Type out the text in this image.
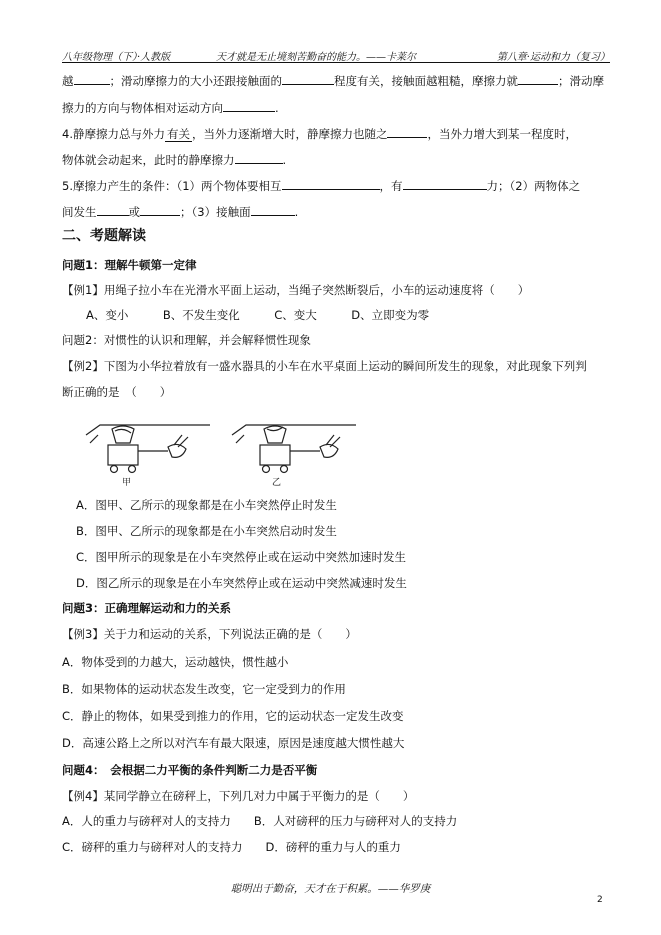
八年级物理（下）·人教版	天才就是无止境刻苦勤奋的能力。——卡莱尔	第八章·运动和力（复习）
越	；滑动摩擦力的大小还跟接触面的	程度有关，接触面越粗糙，摩擦力就	；滑动摩
擦力的方向与物体相对运动方向	.
4.静摩擦力总与外力 有关 ，当外力逐渐增大时，静摩擦力也随之	，当外力增大到某一程度时，
物体就会动起来，此时的静摩擦力	.
5.摩擦力产生的条件：（1）两个物体要相互	，有	力；（2）两物体之
间发生	或	；（3）接触面	.
二、考题解读
问题1：理解牛顿第一定律
【例1】用绳子拉小车在光滑水平面上运动，当绳子突然断裂后，小车的运动速度将（　　）
A、变小　　　B、不发生变化　　　C、变大　　　D、立即变为零
问题2：对惯性的认识和理解，并会解释惯性现象
【例2】下图为小华拉着放有一盛水器具的小车在水平桌面上运动的瞬间所发生的现象，对此现象下列判
断正确的是　（　　）
甲	乙
A．图甲、乙所示的现象都是在小车突然停止时发生
B．图甲、乙所示的现象都是在小车突然启动时发生
C．图甲所示的现象是在小车突然停止或在运动中突然加速时发生
D．图乙所示的现象是在小车突然停止或在运动中突然减速时发生
问题3：正确理解运动和力的关系
【例3】关于力和运动的关系，下列说法正确的是（　　）
A．物体受到的力越大，运动越快，惯性越小
B．如果物体的运动状态发生改变，它一定受到力的作用
C．静止的物体，如果受到推力的作用，它的运动状态一定发生改变
D．高速公路上之所以对汽车有最大限速，原因是速度越大惯性越大
问题4：　会根据二力平衡的条件判断二力是否平衡
【例4】某同学静立在磅秤上，下列几对力中属于平衡力的是（　　）
A．人的重力与磅秤对人的支持力　　B．人对磅秤的压力与磅秤对人的支持力
C．磅秤的重力与磅秤对人的支持力　　D．磅秤的重力与人的重力
聪明出于勤奋，天才在于积累。——华罗庚
2
